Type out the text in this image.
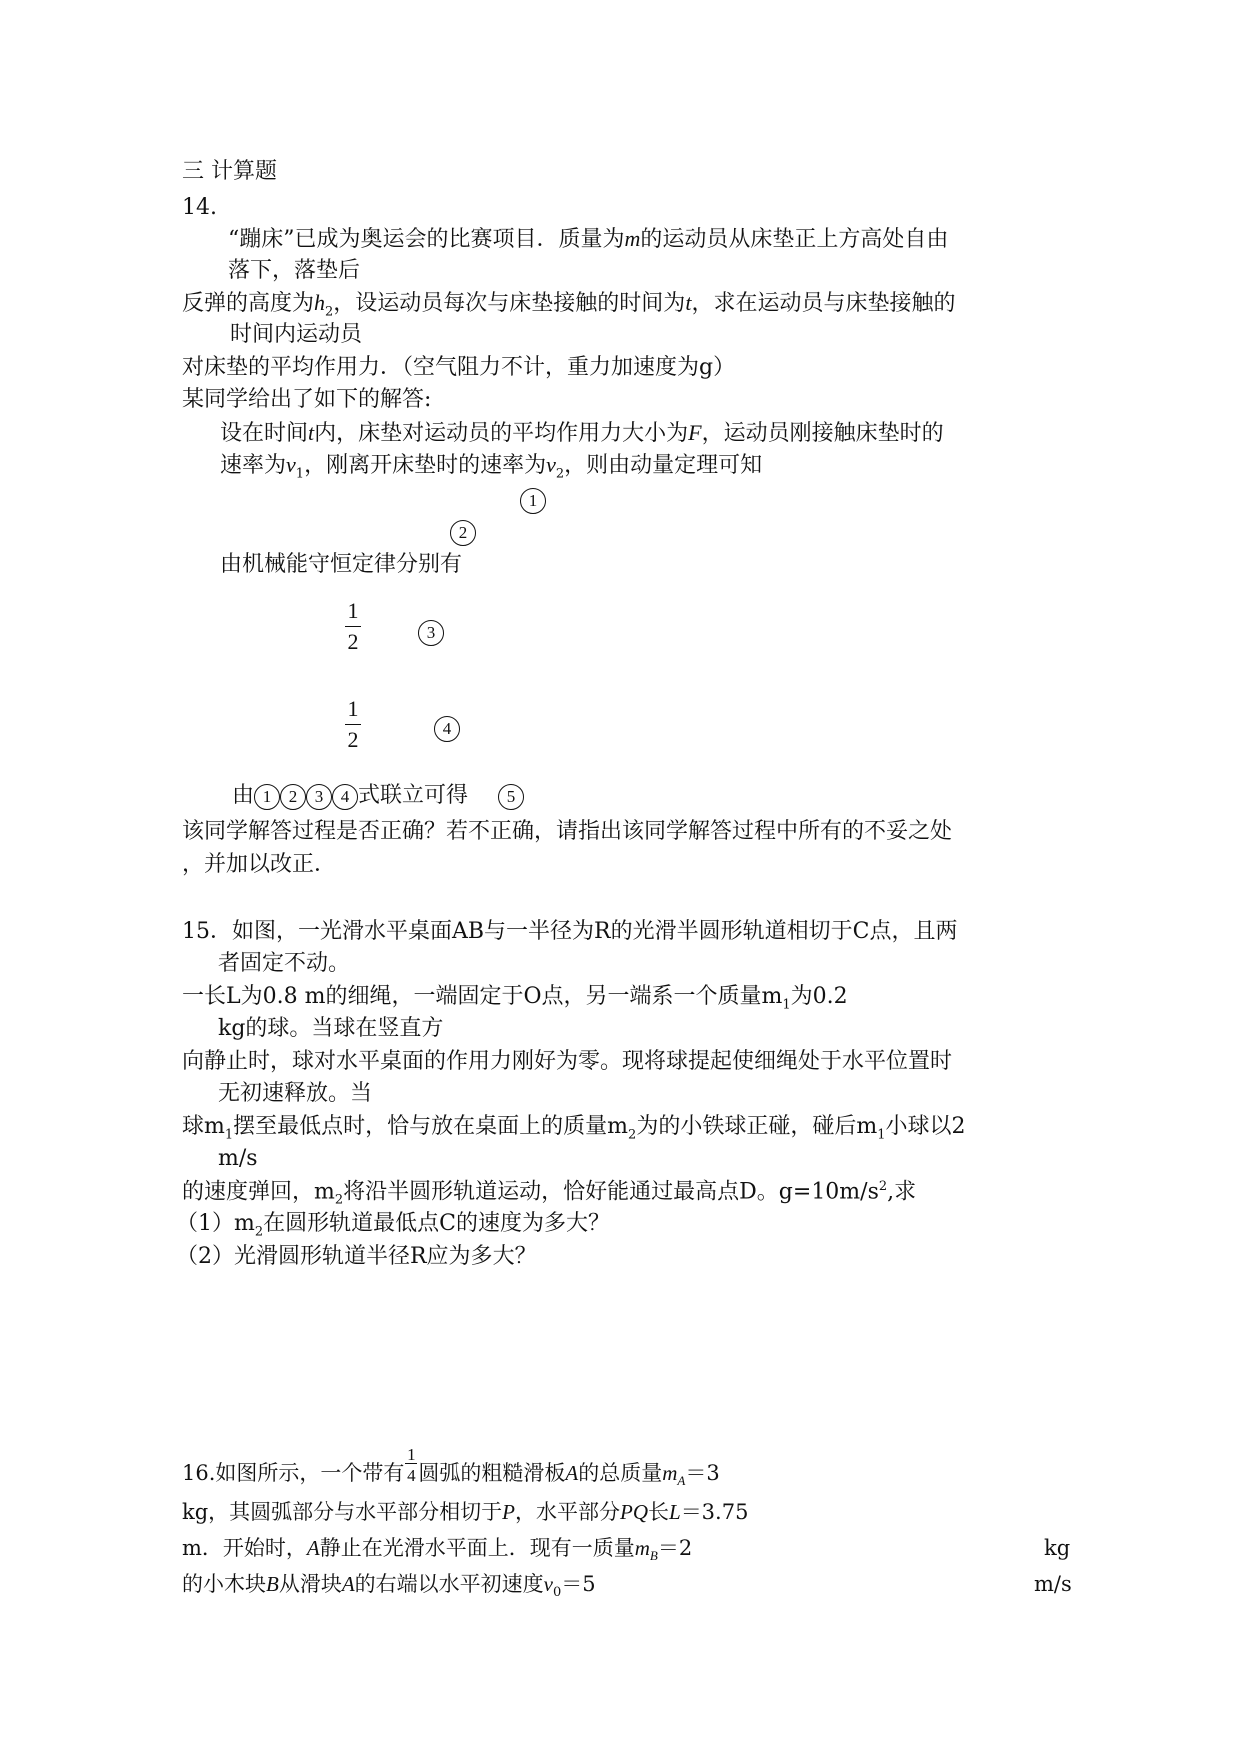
三 计算题
14.
“蹦床”已成为奥运会的比赛项目．质量为m的运动员从床垫正上方高处自由
落下，落垫后
反弹的高度为$h_2$，设运动员每次与床垫接触的时间为t，求在运动员与床垫接触的
时间内运动员
对床垫的平均作用力．（空气阻力不计，重力加速度为g）
某同学给出了如下的解答:
设在时间t内，床垫对运动员的平均作用力大小为F，运动员刚接触床垫时的
速率为$v_1$，刚离开床垫时的速率为$v_2$，则由动量定理可知
1
2
由机械能守恒定律分别有
1
2	3
1
2	4
由 1 2 3 4 式联立可得 5
该同学解答过程是否正确？若不正确，请指出该同学解答过程中所有的不妥之处
，并加以改正．
15．如图，一光滑水平桌面AB与一半径为R的光滑半圆形轨道相切于C点，且两
者固定不动。
一长L为0.8 m的细绳，一端固定于O点，另一端系一个质量$m_1$为0.2
kg的球。当球在竖直方
向静止时，球对水平桌面的作用力刚好为零。现将球提起使细绳处于水平位置时
无初速释放。当
球$m_1$摆至最低点时，恰与放在桌面上的质量$m_2$为的小铁球正碰，碰后$m_1$小球以2
m/s
的速度弹回，$m_2$将沿半圆形轨道运动，恰好能通过最高点D。$g=10m/s^2$,求
$(1)m_2$在圆形轨道最低点C的速度为多大？
（2）光滑圆形轨道半径R应为多大？
16.如图所示，一个带有 $\frac{1}{4}$ 圆弧的粗糙滑板A的总质量$m_A=3$
kg，其圆弧部分与水平部分相切于P，水平部分PQ长L＝3.75
m．开始时，A静止在光滑水平面上．现有一质量$m_B=2$	kg
的小木块B从滑块A的右端以水平初速度$v_0=5$	m/s
